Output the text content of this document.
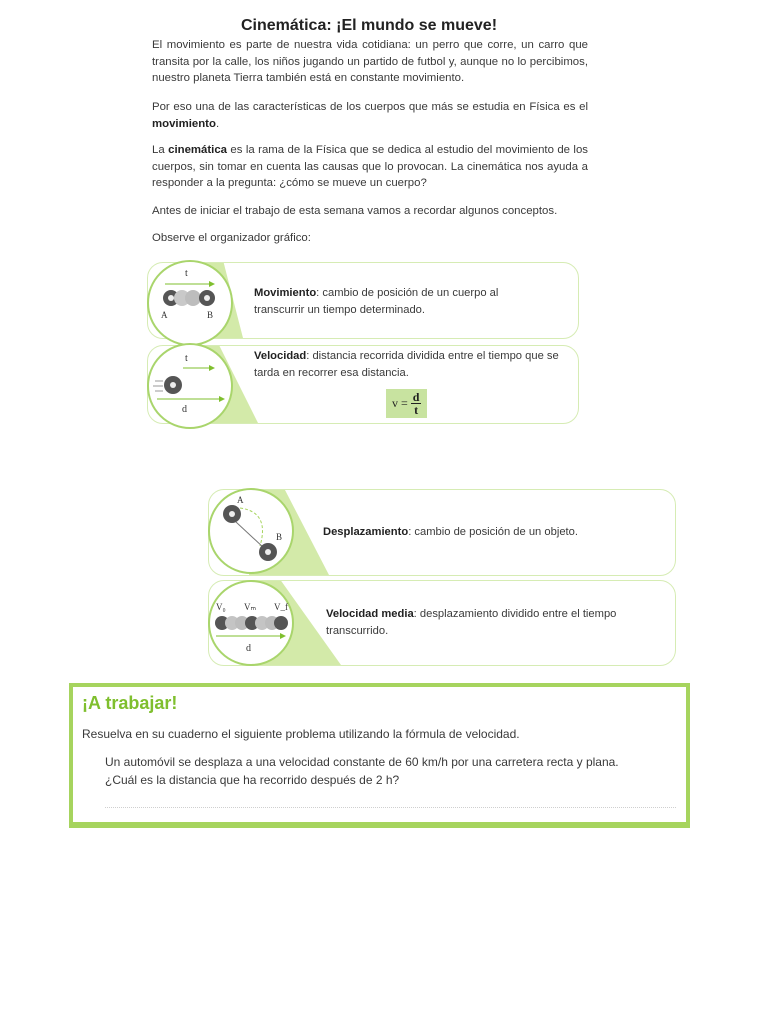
Cinemática: ¡El mundo se mueve!

El movimiento es parte de nuestra vida cotidiana: un perro que corre, un carro que transita por la calle, los niños jugando un partido de futbol y, aunque no lo percibimos, nuestro planeta Tierra también está en constante movimiento.

Por eso una de las características de los cuerpos que más se estudia en Física es el movimiento.

La cinemática es la rama de la Física que se dedica al estudio del movimiento de los cuerpos, sin tomar en cuenta las causas que lo provocan. La cinemática nos ayuda a responder a la pregunta: ¿cómo se mueve un cuerpo?

Antes de iniciar el trabajo de esta semana vamos a recordar algunos conceptos.

Observe el organizador gráfico:

Movimiento: cambio de posición de un cuerpo al transcurrir un tiempo determinado.
t
A	B
Velocidad: distancia recorrida dividida entre el tiempo que se tarda en recorrer esa distancia.
$v = \frac{d}{t}$
t
d
Desplazamiento: cambio de posición de un objeto.
A
B
Velocidad media: desplazamiento dividido entre el tiempo transcurrido.
V₀ Vₘ V_f
d
¡A trabajar!
Resuelva en su cuaderno el siguiente problema utilizando la fórmula de velocidad.
Un automóvil se desplaza a una velocidad constante de 60 km/h por una carretera recta y plana.
¿Cuál es la distancia que ha recorrido después de 2 h?
